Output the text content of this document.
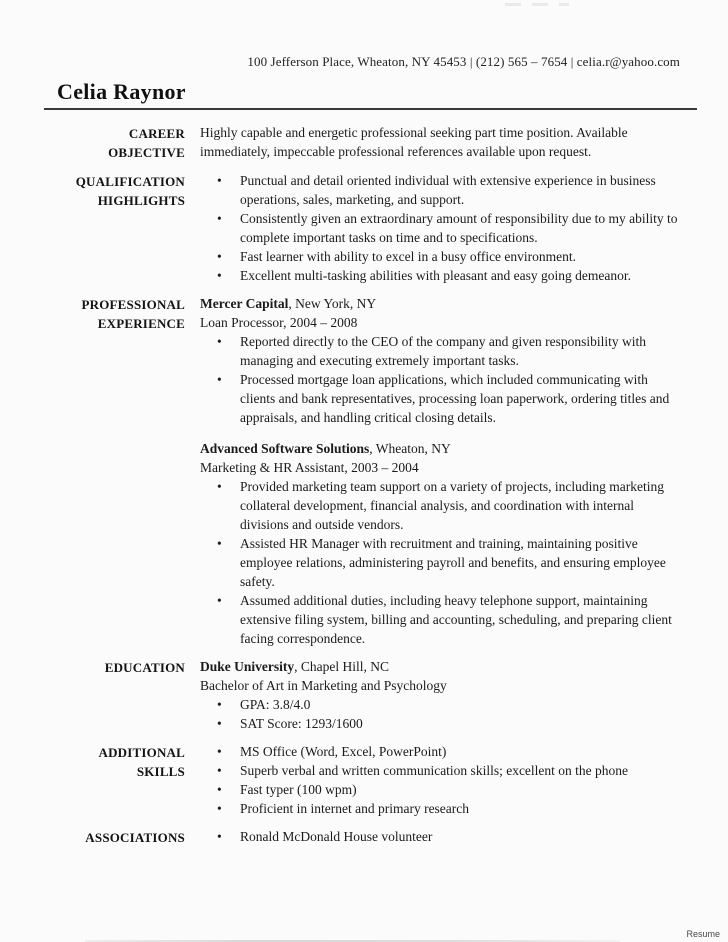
100 Jefferson Place, Wheaton, NY 45453 | (212) 565 – 7654 | celia.r@yahoo.com
Celia Raynor
CAREER
OBJECTIVE

Highly capable and energetic professional seeking part time position. Available immediately, impeccable professional references available upon request.

QUALIFICATION
HIGHLIGHTS
• Punctual and detail oriented individual with extensive experience in business operations, sales, marketing, and support.
• Consistently given an extraordinary amount of responsibility due to my ability to complete important tasks on time and to specifications.
• Fast learner with ability to excel in a busy office environment.
• Excellent multi-tasking abilities with pleasant and easy going demeanor.
PROFESSIONAL
EXPERIENCE

Mercer Capital, New York, NY

Loan Processor, 2004 – 2008

• Reported directly to the CEO of the company and given responsibility with managing and executing extremely important tasks.
• Processed mortgage loan applications, which included communicating with clients and bank representatives, processing loan paperwork, ordering titles and appraisals, and handling critical closing details.

Advanced Software Solutions, Wheaton, NY

Marketing & HR Assistant, 2003 – 2004

• Provided marketing team support on a variety of projects, including marketing collateral development, financial analysis, and coordination with internal divisions and outside vendors.
• Assisted HR Manager with recruitment and training, maintaining positive employee relations, administering payroll and benefits, and ensuring employee safety.
• Assumed additional duties, including heavy telephone support, maintaining extensive filing system, billing and accounting, scheduling, and preparing client facing correspondence.
EDUCATION Duke University, Chapel Hill, NC

Bachelor of Art in Marketing and Psychology

• GPA: 3.8/4.0
• SAT Score: 1293/1600
ADDITIONAL
SKILLS
• MS Office (Word, Excel, PowerPoint)
• Superb verbal and written communication skills; excellent on the phone
• Fast typer (100 wpm)
• Proficient in internet and primary research
ASSOCIATIONS	• Ronald McDonald House volunteer
Resume
